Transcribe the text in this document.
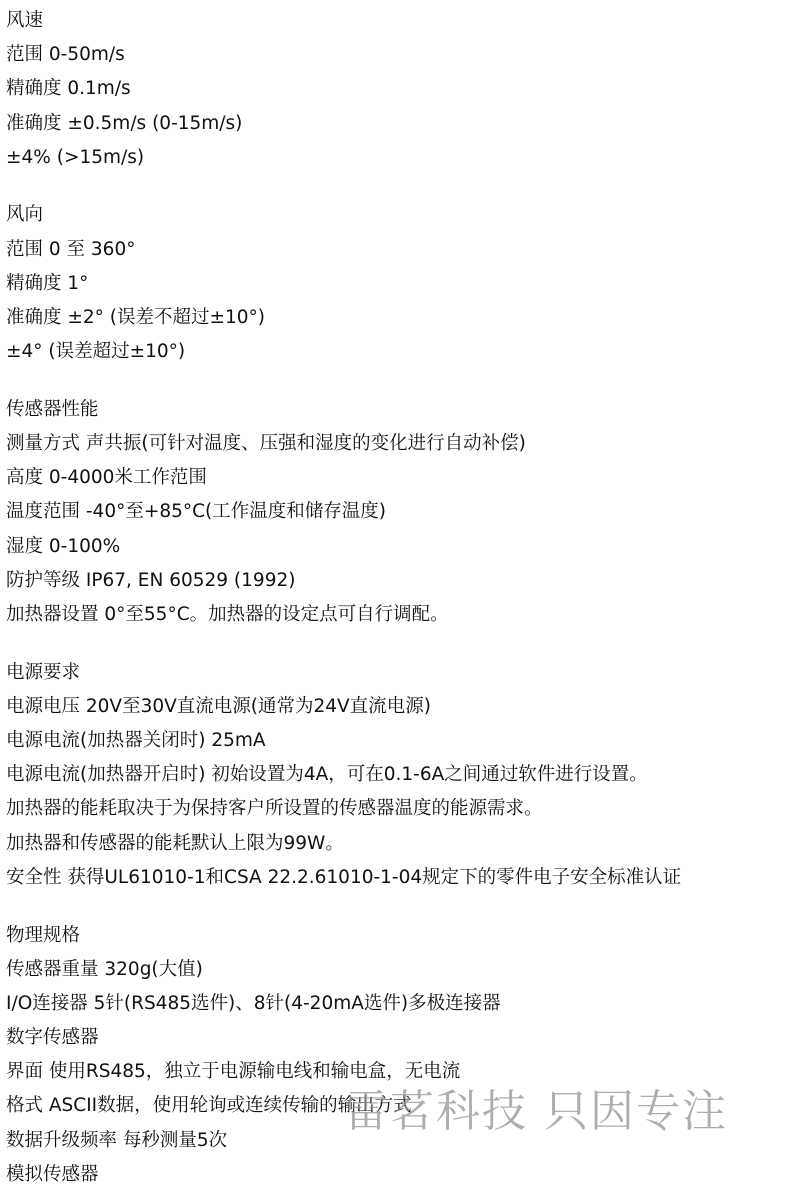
风速
范围 0-50m/s
精确度 0.1m/s
准确度 ±0.5m/s (0-15m/s)
±4% (>15m/s)
风向
范围 0 至 360°
精确度 1°
准确度 ±2° (误差不超过±10°)
±4° (误差超过±10°)
传感器性能
测量方式 声共振(可针对温度、压强和湿度的变化进行自动补偿)
高度 0-4000米工作范围
温度范围 -40°至+85°C(工作温度和储存温度)
湿度 0-100%
防护等级 IP67, EN 60529 (1992)
加热器设置 0°至55°C。加热器的设定点可自行调配。
电源要求
电源电压 20V至30V直流电源(通常为24V直流电源)
电源电流(加热器关闭时) 25mA
电源电流(加热器开启时) 初始设置为4A，可在0.1-6A之间通过软件进行设置。
加热器的能耗取决于为保持客户所设置的传感器温度的能源需求。
加热器和传感器的能耗默认上限为99W。
安全性 获得UL61010-1和CSA 22.2.61010-1-04规定下的零件电子安全标准认证
物理规格
传感器重量 320g(大值)
I/O连接器 5针(RS485选件)、8针(4-20mA选件)多极连接器
数字传感器
界面 使用RS485，独立于电源输电线和输电盒，无电流
格式 ASCII数据，使用轮询或连续传输的输出方式
数据升级频率 每秒测量5次
模拟传感器
雷茗科技 只因专注
